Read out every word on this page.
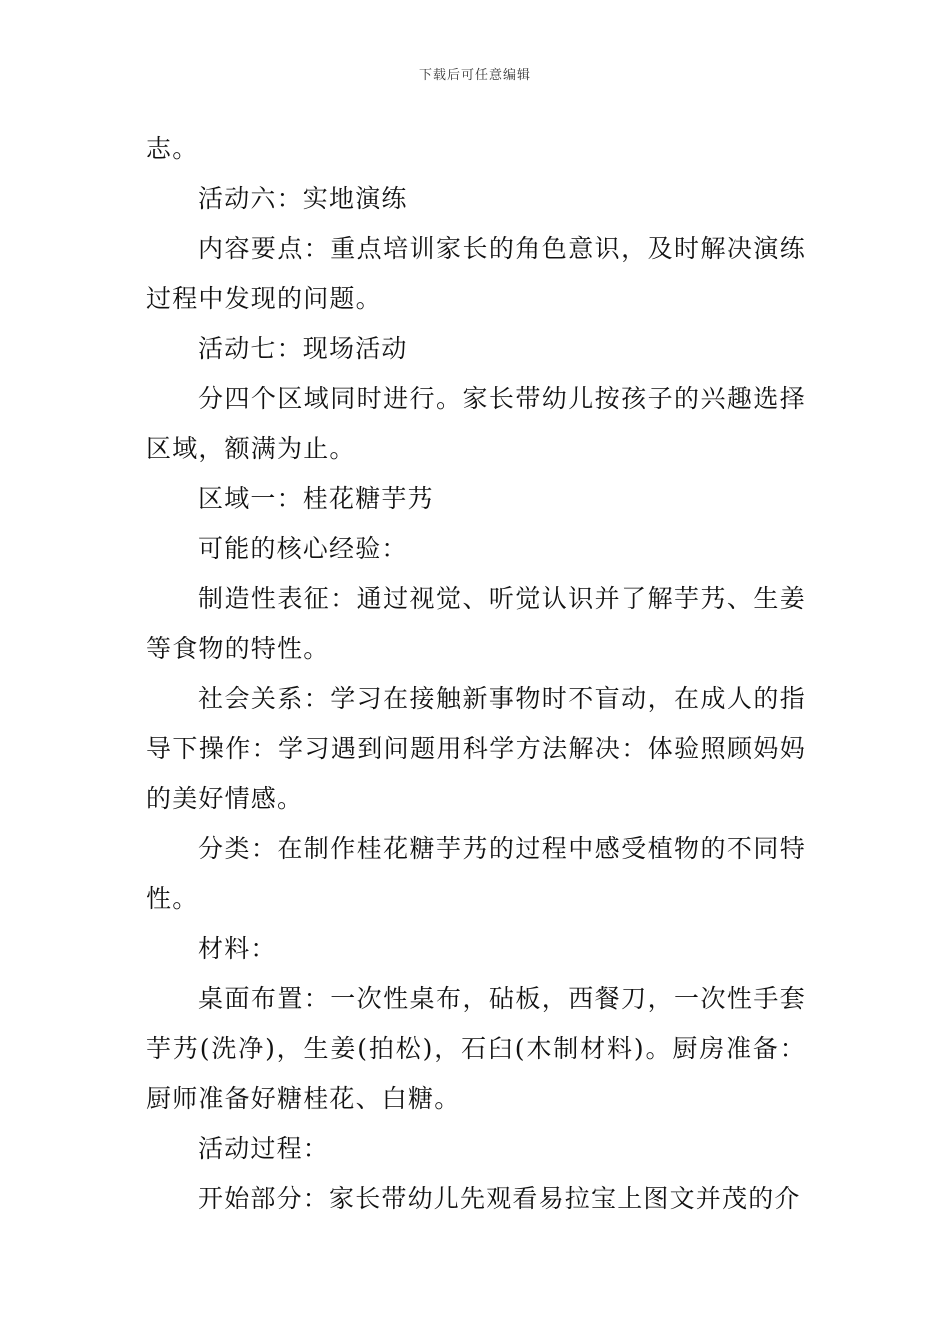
下载后可任意编辑

志。

活动六：实地演练

内容要点：重点培训家长的角色意识，及时解决演练过程中发现的问题。

活动七：现场活动

分四个区域同时进行。家长带幼儿按孩子的兴趣选择区域，额满为止。

区域一：桂花糖芋艿

可能的核心经验：

制造性表征：通过视觉、听觉认识并了解芋艿、生姜等食物的特性。

社会关系：学习在接触新事物时不盲动，在成人的指导下操作：学习遇到问题用科学方法解决：体验照顾妈妈的美好情感。

分类：在制作桂花糖芋艿的过程中感受植物的不同特性。

材料：

桌面布置：一次性桌布，砧板，西餐刀，一次性手套芋艿(洗净)，生姜(拍松)，石臼(木制材料)。厨房准备：厨师准备好糖桂花、白糖。

活动过程：

开始部分：家长带幼儿先观看易拉宝上图文并茂的介
